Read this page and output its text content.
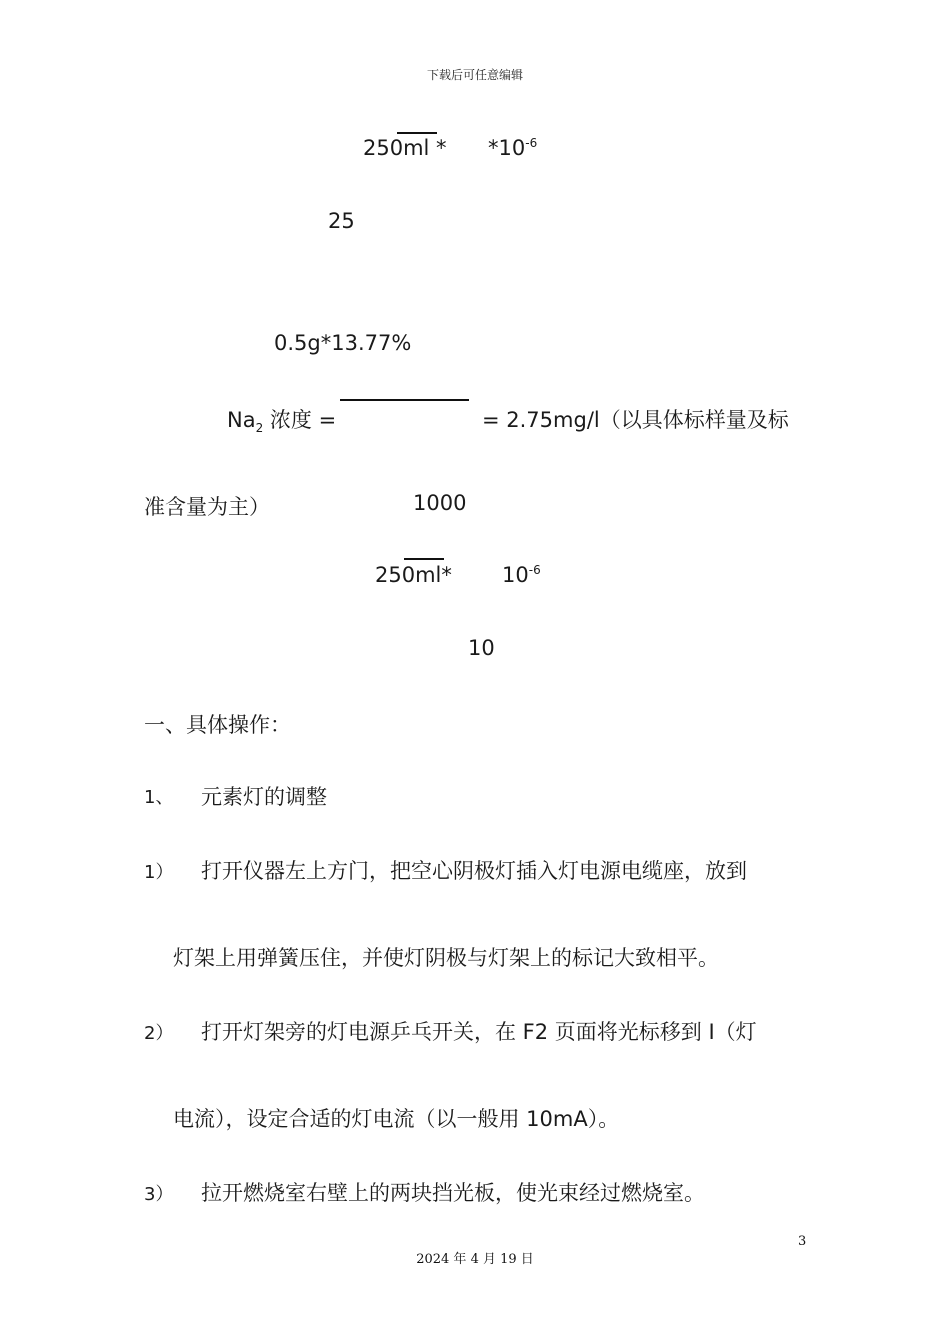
下载后可任意编辑
$250ml * *10^{-6}$
25
0.5g*13.77%
$Na_2$ 浓度 =	= 2.75mg/l（以具体标样量及标
准含量为主）	1000
250ml* $10^{-6}$
10
一、具体操作：
1、 元素灯的调整
1） 打开仪器左上方门，把空心阴极灯插入灯电源电缆座，放到
灯架上用弹簧压住，并使灯阴极与灯架上的标记大致相平。
2） 打开灯架旁的灯电源乒乓开关，在 F2 页面将光标移到 I（灯
电流），设定合适的灯电流（以一般用 10mA）。
3） 拉开燃烧室右壁上的两块挡光板，使光束经过燃烧室。
3
2024 年 4 月 19 日
